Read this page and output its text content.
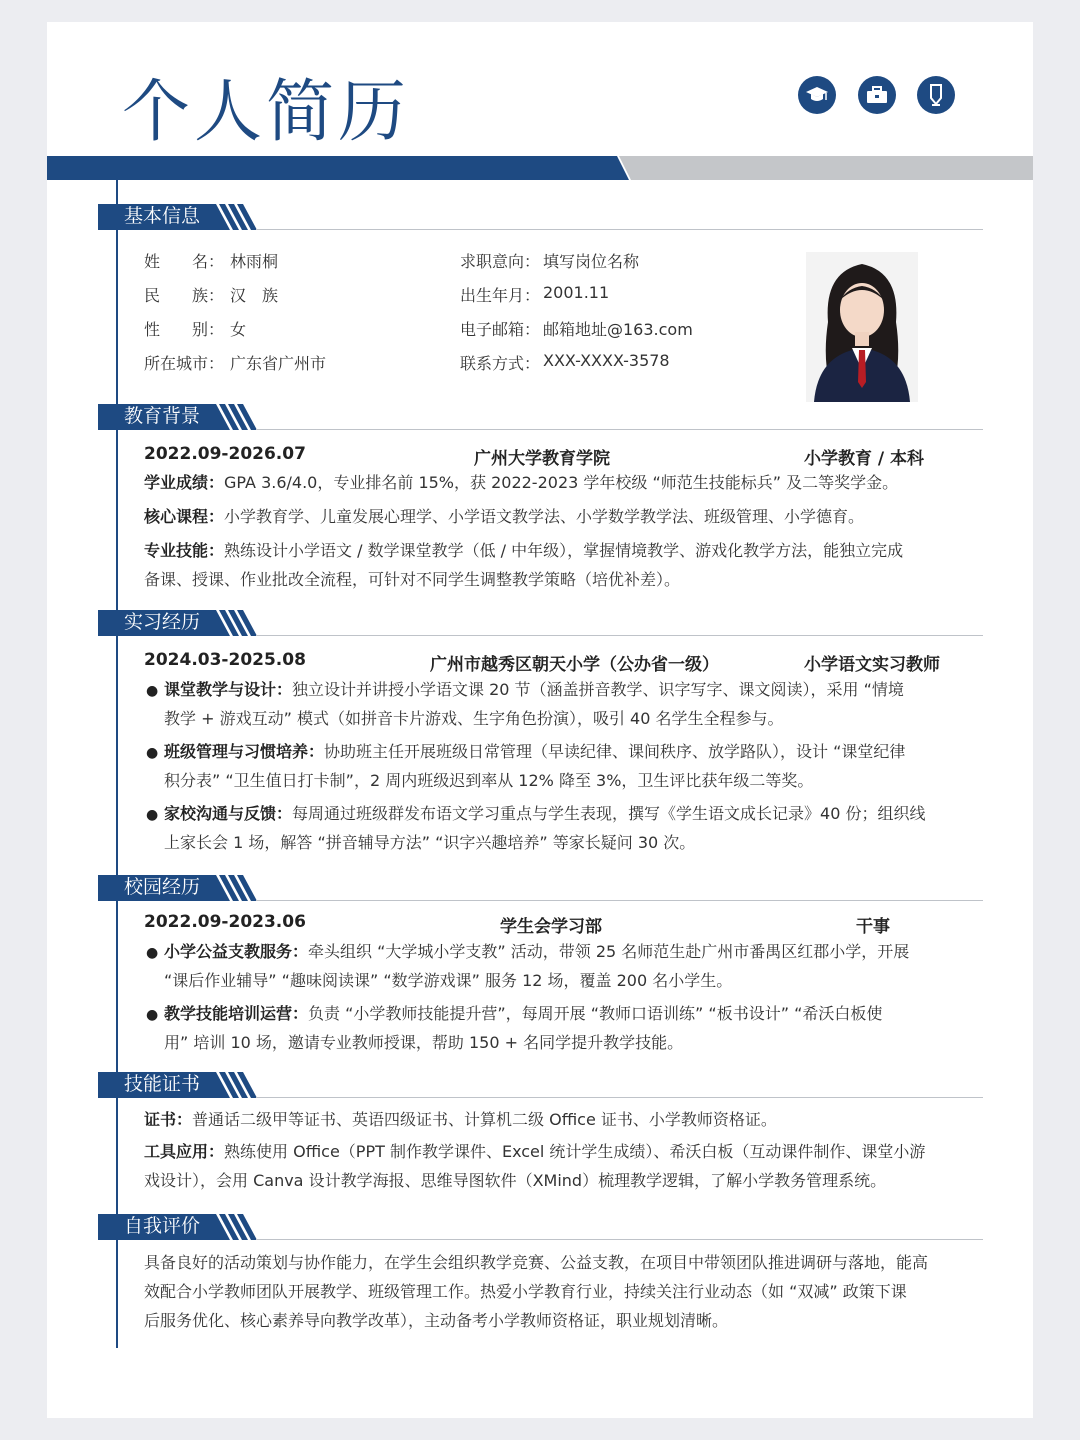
个人简历
基本信息
姓　　名： 林雨桐
民　　族： 汉　族
性　　别： 女
所在城市： 广东省广州市
求职意向： 填写岗位名称
出生年月： 2001.11
电子邮箱： 邮箱地址@163.com
联系方式： XXX-XXXX-3578
教育背景
2022.09-2026.07	广州大学教育学院	小学教育 / 本科
学业成绩：GPA 3.6/4.0，专业排名前 15%，获 2022-2023 学年校级 “师范生技能标兵” 及二等奖学金。
核心课程：小学教育学、儿童发展心理学、小学语文教学法、小学数学教学法、班级管理、小学德育。
专业技能：熟练设计小学语文 / 数学课堂教学（低 / 中年级），掌握情境教学、游戏化教学方法，能独立完成
备课、授课、作业批改全流程，可针对不同学生调整教学策略（培优补差）。
实习经历
2024.03-2025.08	广州市越秀区朝天小学（公办省一级）	小学语文实习教师
● 课堂教学与设计：独立设计并讲授小学语文课 20 节（涵盖拼音教学、识字写字、课文阅读），采用 “情境
教学 + 游戏互动” 模式（如拼音卡片游戏、生字角色扮演），吸引 40 名学生全程参与。
● 班级管理与习惯培养：协助班主任开展班级日常管理（早读纪律、课间秩序、放学路队），设计 “课堂纪律
积分表” “卫生值日打卡制”，2 周内班级迟到率从 12% 降至 3%，卫生评比获年级二等奖。
● 家校沟通与反馈：每周通过班级群发布语文学习重点与学生表现，撰写《学生语文成长记录》40 份；组织线
上家长会 1 场，解答 “拼音辅导方法” “识字兴趣培养” 等家长疑问 30 次。
校园经历
2022.09-2023.06	学生会学习部	干事
● 小学公益支教服务：牵头组织 “大学城小学支教” 活动，带领 25 名师范生赴广州市番禺区红郡小学，开展
“课后作业辅导” “趣味阅读课” “数学游戏课” 服务 12 场，覆盖 200 名小学生。
● 教学技能培训运营：负责 “小学教师技能提升营”，每周开展 “教师口语训练” “板书设计” “希沃白板使
用” 培训 10 场，邀请专业教师授课，帮助 150 + 名同学提升教学技能。
技能证书
证书：普通话二级甲等证书、英语四级证书、计算机二级 Office 证书、小学教师资格证。
工具应用：熟练使用 Office（PPT 制作教学课件、Excel 统计学生成绩）、希沃白板（互动课件制作、课堂小游
戏设计），会用 Canva 设计教学海报、思维导图软件（XMind）梳理教学逻辑，了解小学教务管理系统。
自我评价
具备良好的活动策划与协作能力，在学生会组织教学竞赛、公益支教，在项目中带领团队推进调研与落地，能高
效配合小学教师团队开展教学、班级管理工作。热爱小学教育行业，持续关注行业动态（如 “双减” 政策下课
后服务优化、核心素养导向教学改革），主动备考小学教师资格证，职业规划清晰。
